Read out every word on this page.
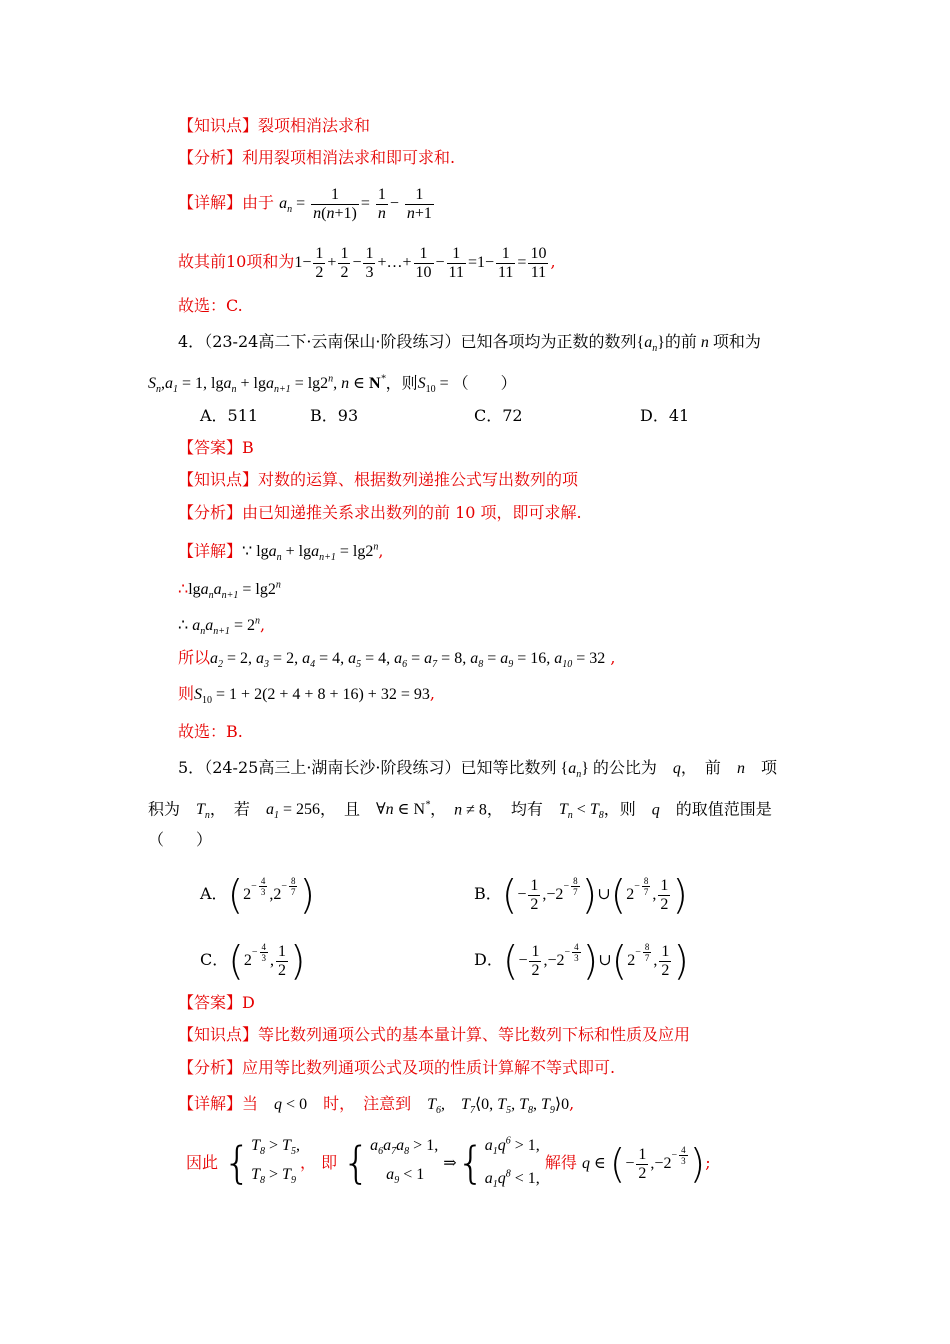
【知识点】裂项相消法求和
【分析】利用裂项相消法求和即可求和.
【详解】由于 $a_n = \frac{1}{n(n+1)} = \frac{1}{n} - \frac{1}{n+1}$
故其前10项和为$1- \frac{1}{2} + \frac{1}{2} - \frac{1}{3}$ +…+ $\frac{1}{10} - \frac{1}{11} =1- \frac{1}{11} = \frac{10}{11}$ ,
故选：C.
4．（23-24高二下·云南保山·阶段练习）已知各项均为正数的数列$\{a_n\}$的前 n 项和为
$S_n,a_1 = 1$, $\lg a_n + \lg a_{n+1} = \lg 2^n$, n ∈ N*，则$S_{10}$ = （　　）
A．511	B．93	C．72	D．41
【答案】B
【知识点】对数的运算、根据数列递推公式写出数列的项
【分析】由已知递推关系求出数列的前 10 项，即可求解.
【详解】∵ $\lg a_n + \lg a_{n+1} = \lg 2^n$,
$\therefore\lg a_na_{n+1} = \lg 2^n$
∴ $a_na_{n+1} = 2^n$,
所以$a_2 = 2$, $a_3 = 2$, $a_4 = 4$, $a_5 = 4$, $a_6 = a_7 = 8$, $a_8 = a_9 = 16$, $a_{10} = 32$ ,
则$S_{10} = 1 + 2(2 + 4 + 8 + 16) + 32 = 93$,
故选：B.
5．（24-25高三上·湖南长沙·阶段练习）已知等比数列 $\{a_n\}$ 的公比为　q，　前　n　项
积为　$T_n$，　若　$a_1 = 256$，　且　 ∀n ∈ N*，　n ≠ 8，　均有　$T_n < T_8$，则　q　的取值范围是
（　　）
A．($2^{- \frac{4}{3}}$ $,2^{- \frac{8}{7}}$ )	B．(− $\frac{1}{2} ,-2^{- \frac{8}{7}}$ )$\cup(2^{- \frac{8}{7}}$ , $\frac{1}{2}$ )
C．($2^{- \frac{4}{3}}$ , $\frac{1}{2}$ )	D．(− $\frac{1}{2} ,-2^{- \frac{4}{3}}$ )$\cup(2^{- \frac{8}{7}}$ , $\frac{1}{2}$ )
【答案】D
【知识点】等比数列通项公式的基本量计算、等比数列下标和性质及应用
【分析】应用等比数列通项公式及项的性质计算解不等式即可.
【详解】当　q < 0　 时，　注意到　$T_6$,　$T_7⟨0$, $T_5$, $T_8$, $T_9⟩0$,
因此 {$T_8 > T_5$,
$T_8 > T_9$， 即 {$a_6a_7a_8 > 1$,
　$a_9 < 1$ $\Rightarrow\{a_1q^6 > 1$,
$a_1q^8 < 1$, 解得 q ∈ (− $\frac{1}{2} ,-2^{- \frac{4}{3}}$ );
